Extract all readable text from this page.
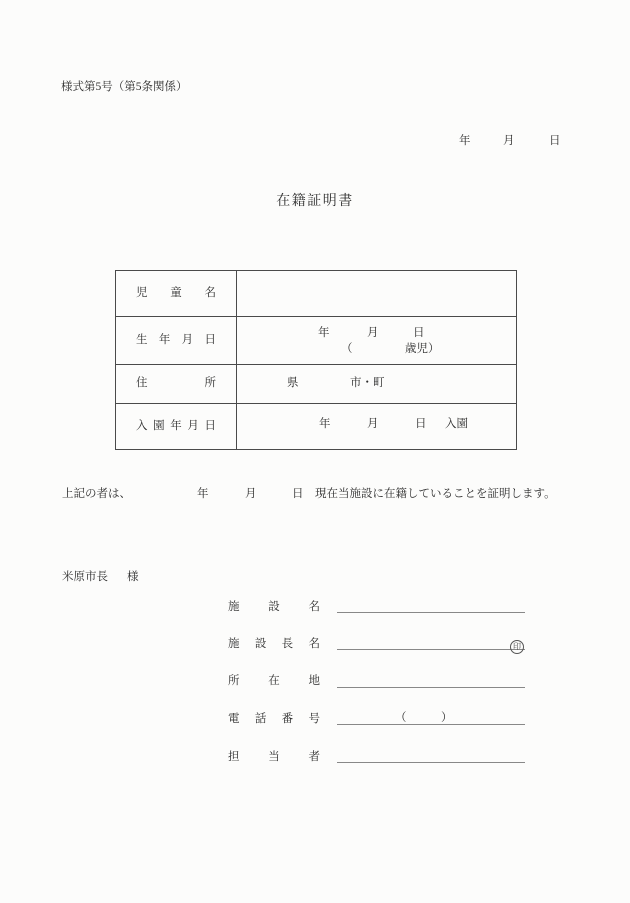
様式第5号（第5条関係）
年	月	日
在籍証明書
児童名	
生年月日	年 月 日
（ 歳児）

住所	県 市・町

入園年月日	年 月 日 入園
上記の者は、	年	月	日 現在当施設に在籍していることを証明します。
米原市長 様
施設名
施設長名	印
所在地
電話番号	（　　　）
担当者
